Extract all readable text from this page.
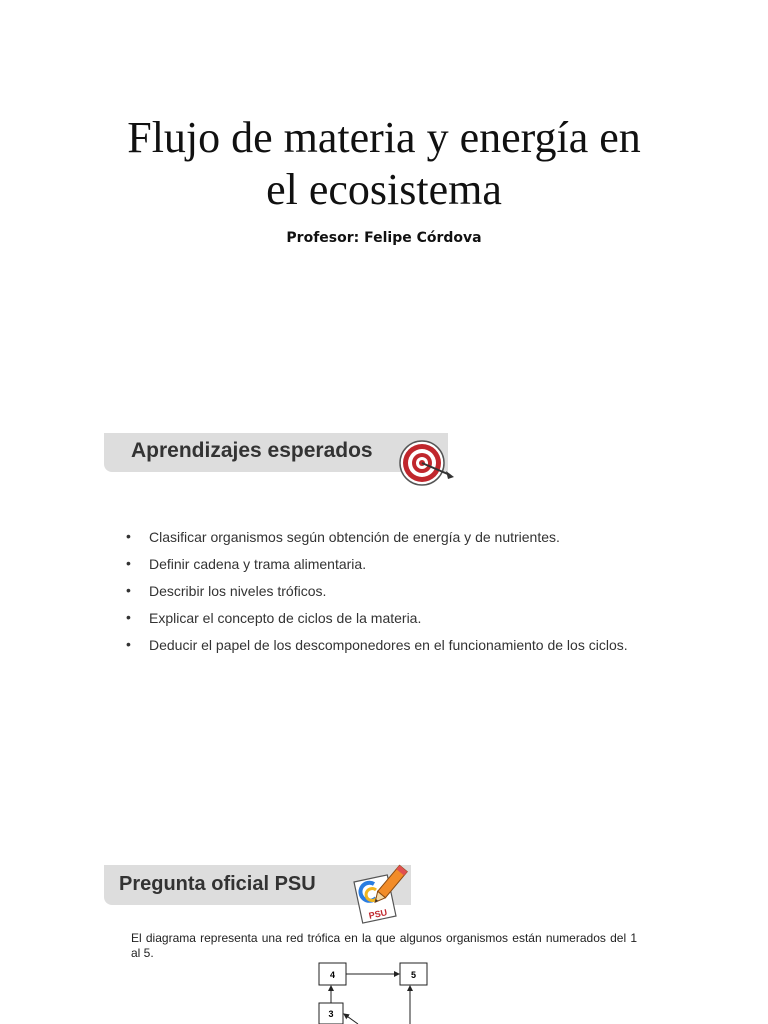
Flujo de materia y energía en
el ecosistema
Profesor: Felipe Córdova
Aprendizajes esperados
• Clasificar organismos según obtención de energía y de nutrientes.
• Definir cadena y trama alimentaria.
• Describir los niveles tróficos.
• Explicar el concepto de ciclos de la materia.
• Deducir el papel de los descomponedores en el funcionamiento de los ciclos.
Pregunta oficial PSU
PSU

El diagrama representa una red trófica en la que algunos organismos están numerados del 1 al 5.

4	5
3
